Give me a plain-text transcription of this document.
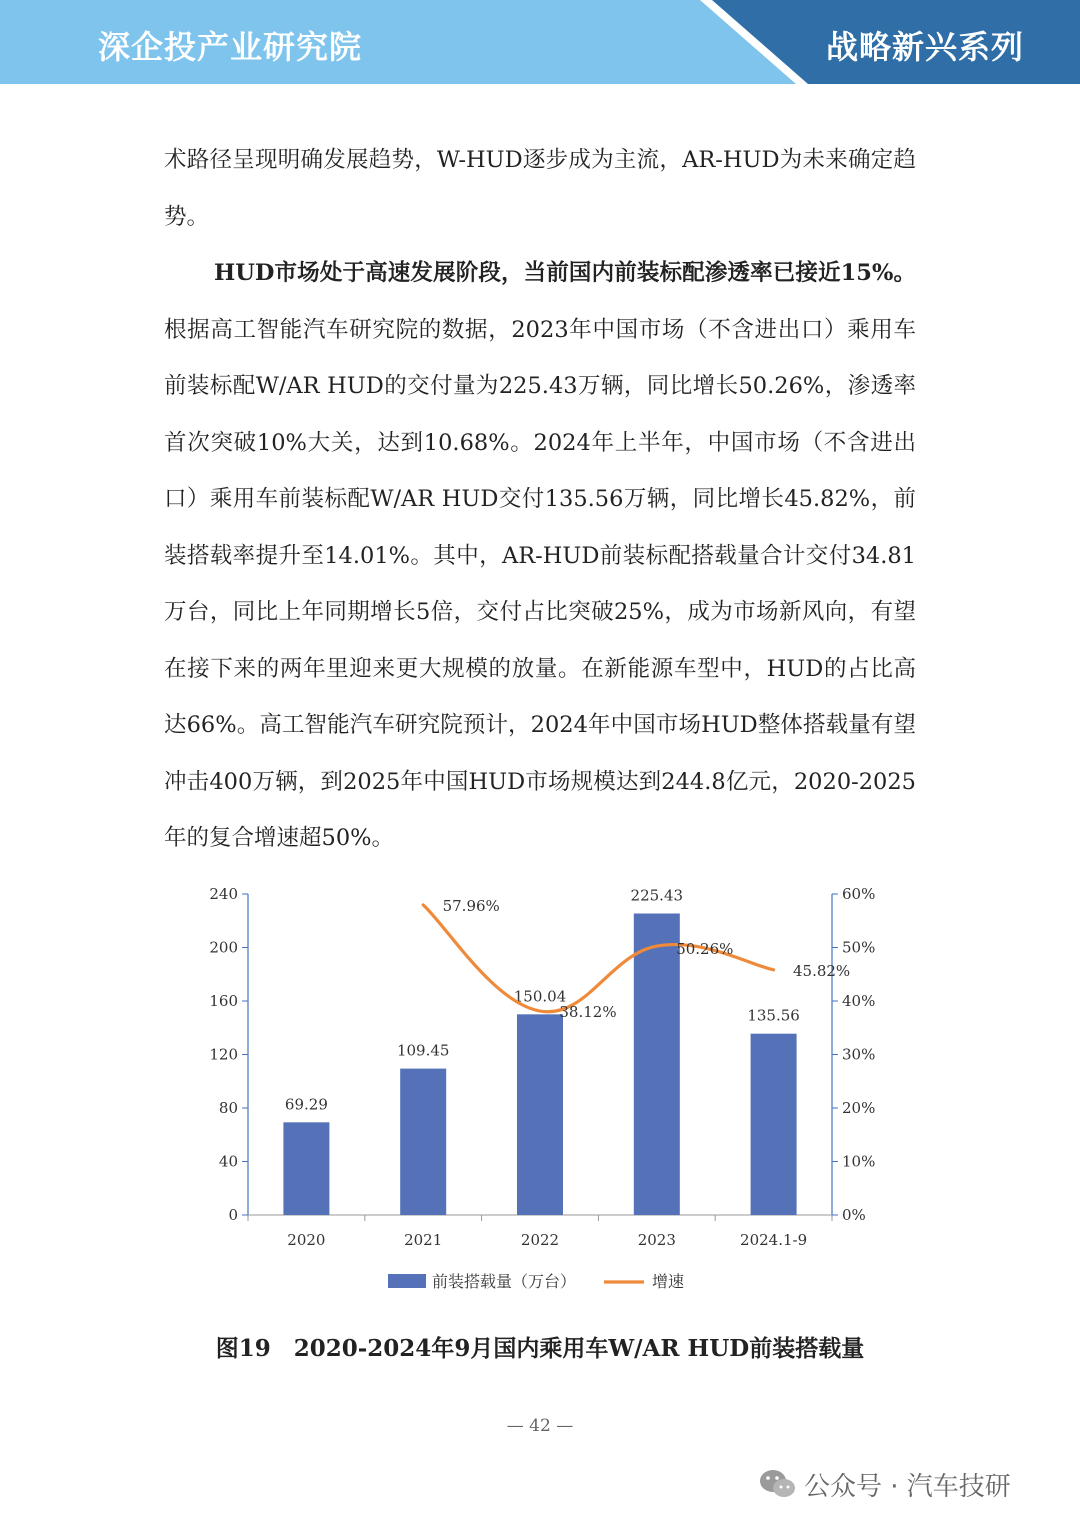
深企投产业研究院	战略新兴系列

术路径呈现明确发展趋势，W-HUD逐步成为主流，AR-HUD为未来确定趋势。

HUD市场处于高速发展阶段，当前国内前装标配渗透率已接近15%。根据高工智能汽车研究院的数据，2023年中国市场（不含进出口）乘用车前装标配W/AR HUD的交付量为225.43万辆，同比增长50.26%，渗透率首次突破10%大关，达到10.68%。2024年上半年，中国市场（不含进出口）乘用车前装标配W/AR HUD交付135.56万辆，同比增长45.82%，前装搭载率提升至14.01%。其中，AR-HUD前装标配搭载量合计交付34.81万台，同比上年同期增长5倍，交付占比突破25%，成为市场新风向，有望在接下来的两年里迎来更大规模的放量。在新能源车型中，HUD的占比高达66%。高工智能汽车研究院预计，2024年中国市场HUD整体搭载量有望冲击400万辆，到2025年中国HUD市场规模达到244.8亿元，2020-2025年的复合增速超50%。

0
40
80
120
160
200
240
0%
10%
20%
30%
40%
50%
60%
2020	2021	2022	2023	2024.1-9
69.29
109.45
150.04
225.43
135.56
57.96%
38.12%
50.26%
45.82%
前装搭载量（万台）	增速
图19　2020-2024年9月国内乘用车W/AR HUD前装搭载量
— 42 —
公众号 · 汽车技研
